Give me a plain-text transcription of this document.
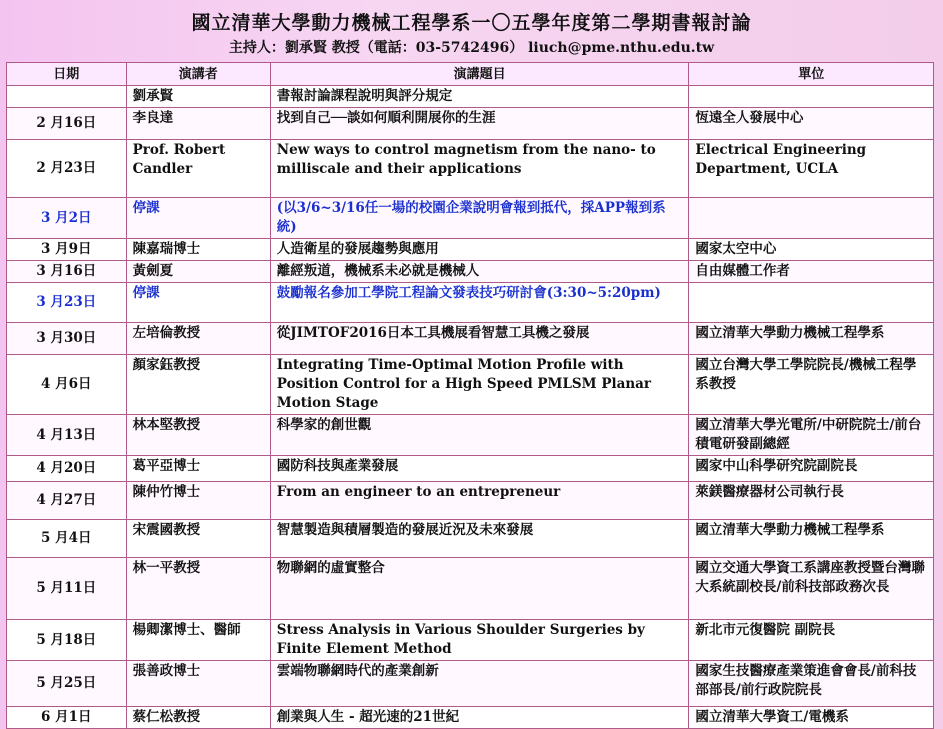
國立清華大學動力機械工程學系一〇五學年度第二學期書報討論
主持人：劉承賢 教授（電話：03-5742496） liuch@pme.nthu.edu.tw
日期	演講者	演講題目	單位
	劉承賢	書報討論課程說明與評分規定	
2 月16日	李良達	找到自己──談如何順利開展你的生涯	恆遠全人發展中心
2 月23日	Prof. Robert Candler	New ways to control magnetism from the nano- to milliscale and their applications	Electrical Engineering Department, UCLA
3 月2日	停課	(以3/6~3/16任一場的校園企業說明會報到抵代，採APP報到系統)	
3 月9日	陳嘉瑞博士	人造衛星的發展趨勢與應用	國家太空中心
3 月16日	黃劍夏	離經叛道，機械系未必就是機械人	自由媒體工作者
3 月23日	停課	鼓勵報名參加工學院工程論文發表技巧研討會(3:30~5:20pm)	
3 月30日	左培倫教授	從JIMTOF2016日本工具機展看智慧工具機之發展	國立清華大學動力機械工程學系
4 月6日	顏家鈺教授	Integrating Time-Optimal Motion Profile with Position Control for a High Speed PMLSM Planar Motion Stage	國立台灣大學工學院院長/機械工程學系教授
4 月13日	林本堅教授	科學家的創世觀	國立清華大學光電所/中研院院士/前台積電研發副總經
4 月20日	葛平亞博士	國防科技與產業發展	國家中山科學研究院副院長
4 月27日	陳仲竹博士	From an engineer to an entrepreneur	萊鎂醫療器材公司執行長
5 月4日	宋震國教授	智慧製造與積層製造的發展近況及未來發展	國立清華大學動力機械工程學系
5 月11日	林一平教授	物聯網的虛實整合	國立交通大學資工系講座教授暨台灣聯大系統副校長/前科技部政務次長
5 月18日	楊卿潔博士、醫師	Stress Analysis in Various Shoulder Surgeries by Finite Element Method	新北市元復醫院 副院長
5 月25日	張善政博士	雲端物聯網時代的產業創新	國家生技醫療產業策進會會長/前科技部部長/前行政院院長
6 月1日	蔡仁松教授	創業與人生 - 超光速的21世紀	國立清華大學資工/電機系
